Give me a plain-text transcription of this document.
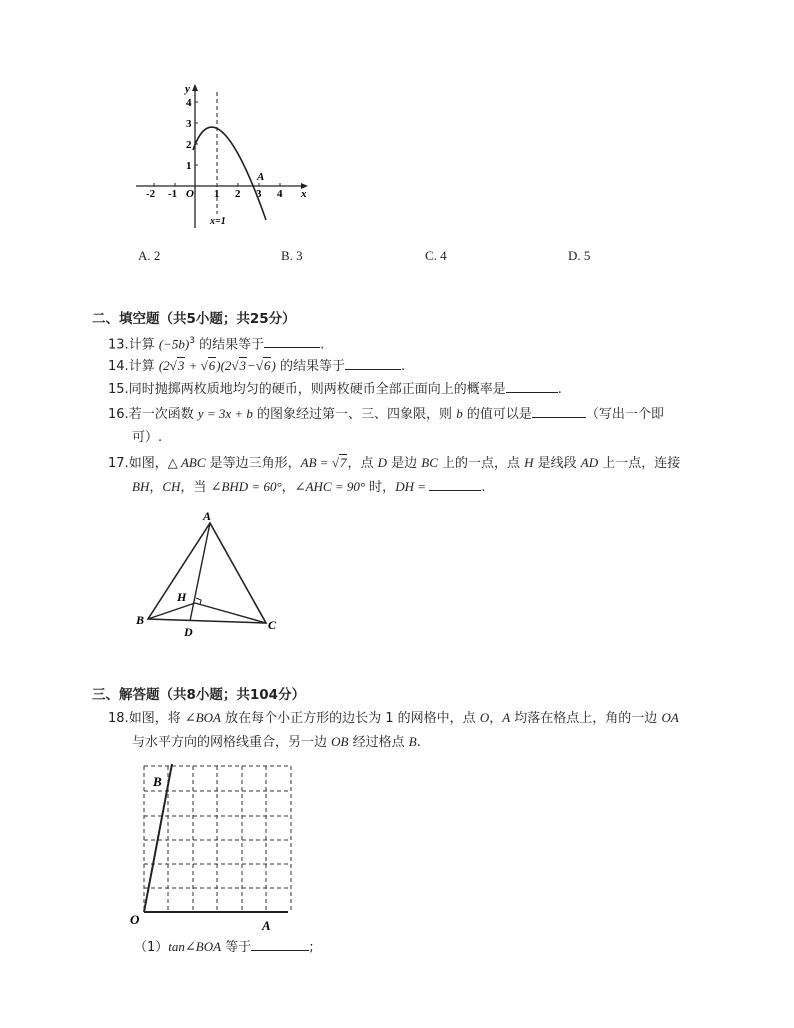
y
x
O
-2 -1	1 2 3 4
1
2
3
4
A
x=1
A. 2	B. 3	C. 4	D. 5
二、填空题（共5小题；共25分）
13.计算 $(-5b)^3$ 的结果等于	.
14.计算 (2√3 + √6)(2√3−√6) 的结果等于	.
15.同时抛掷两枚质地均匀的硬币，则两枚硬币全部正面向上的概率是	.
16.若一次函数 y = 3x + b 的图象经过第一、三、四象限，则 b 的值可以是	（写出一个即
可）.
17.如图，△ ABC 是等边三角形，AB = √7，点 D 是边 BC 上的一点，点 H 是线段 AD 上一点，连接
BH，CH，当 ∠BHD = 60°，∠AHC = 90° 时，DH =	.
A
B	C
H
D
三、解答题（共8小题；共104分）
18.如图，将 ∠BOA 放在每个小正方形的边长为 1 的网格中，点 O，A 均落在格点上，角的一边 OA
与水平方向的网格线重合，另一边 OB 经过格点 B.
B
O	A
（1）tan∠BOA 等于	;
